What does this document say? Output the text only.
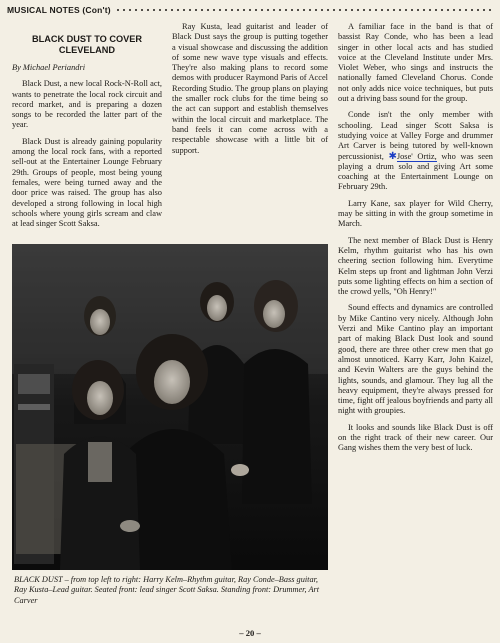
MUSICAL NOTES (Con't)
BLACK DUST TO COVER CLEVELAND

By Michael Periandri

Black Dust, a new local Rock-N-Roll act, wants to penetrate the local rock circuit and record market, and is preparing a dozen songs to be recorded the latter part of the year.

Black Dust is already gaining popularity among the local rock fans, with a reported sell-out at the Entertainer Lounge February 29th. Groups of people, most being young females, were being turned away and the door price was raised. The group has also developed a strong following in local high schools where young girls scream and claw at lead singer Scott Saksa.

Ray Kusta, lead guitarist and leader of Black Dust says the group is putting together a visual showcase and discussing the addition of some new wave type visuals and effects. They're also making plans to record some demos with producer Raymond Paris of Accel Recording Studio. The group plans on playing the smaller rock clubs for the time being so the act can support and establish themselves within the local circuit and marketplace. The band feels it can come across with a respectable showcase with a little bit of support.

A familiar face in the band is that of bassist Ray Conde, who has been a lead singer in other local acts and has studied voice at the Cleveland Institute under Mrs. Violet Weber, who sings and instructs the nationally famed Cleveland Chorus. Conde not only adds nice voice techniques, but puts out a driving bass sound for the group.

Conde isn't the only member with schooling. Lead singer Scott Saksa is studying voice at Valley Forge and drummer Art Carver is being tutored by well-known percussionist, ✱Jose' Ortiz, who was seen playing a drum solo and giving Art some coaching at the Entertainment Lounge on February 29th.

Larry Kane, sax player for Wild Cherry, may be sitting in with the group sometime in March.

The next member of Black Dust is Henry Kelm, rhythm guitarist who has his own cheering section following him. Everytime Kelm steps up front and lightman John Verzi puts some lighting effects on him a section of the crowd yells, "Oh Henry!"

Sound effects and dynamics are controlled by Mike Cantino very nicely. Although John Verzi and Mike Cantino play an important part of making Black Dust look and sound good, there are three other crew men that go almost unnoticed. Karry Karr, John Kaizel, and Kevin Walters are the guys behind the lights, sounds, and glamour. They lug all the heavy equipment, they're always pressed for time, fight off jealous boyfriends and party all night with groupies.

It looks and sounds like Black Dust is off on the right track of their new career. Our Gang wishes them the very best of luck.

BLACK DUST – from top left to right: Harry Kelm–Rhythm guitar, Ray Conde–Bass guitar, Ray Kusta–Lead guitar. Seated front: lead singer Scott Saksa. Standing front: Drummer, Art Carver
– 20 –
